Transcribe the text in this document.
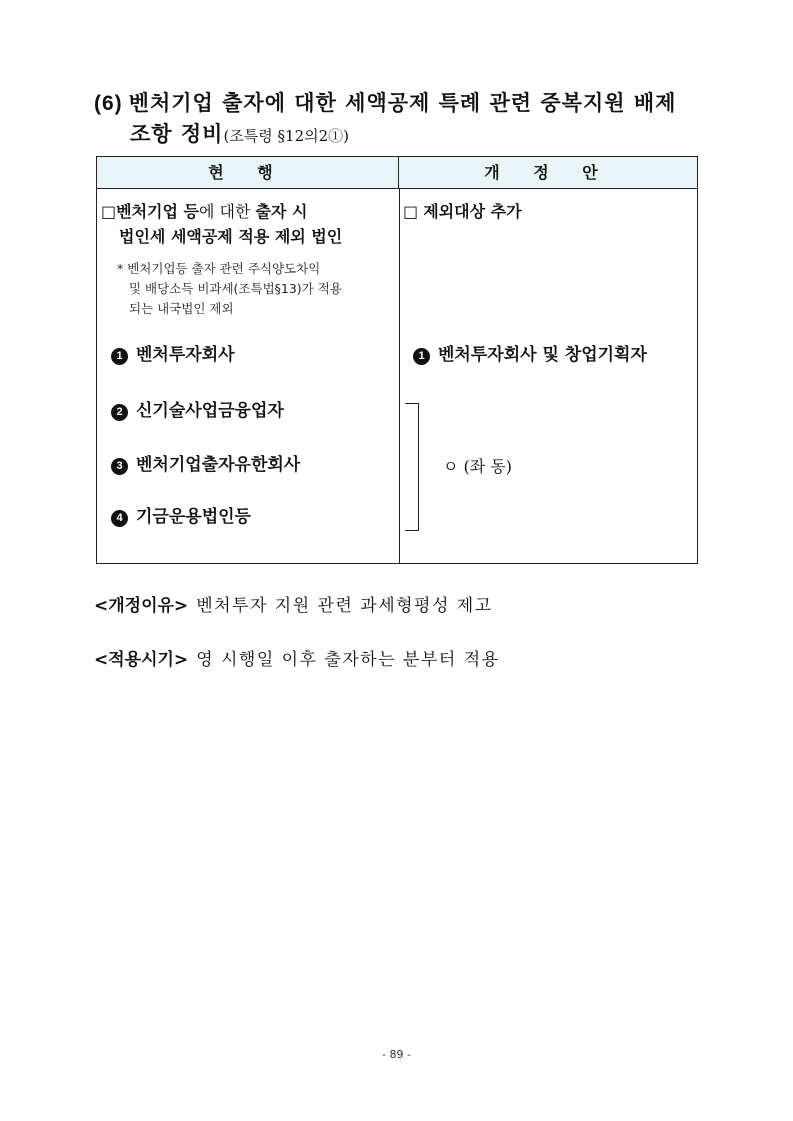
(6) 벤처기업 출자에 대한 세액공제 특례 관련 중복지원 배제
조항 정비(조특령 §12의2①)
현 행	개 정 안
□벤처기업 등에 대한 출자 시
법인세 세액공제 적용 제외 법인
* 벤처기업등 출자 관련 주식양도차익
및 배당소득 비과세(조특법§13)가 적용
되는 내국법인 제외
1 벤처투자회사
2 신기술사업금융업자
3 벤처기업출자유한회사
4 기금운용법인등
□ 제외대상 추가
1 벤처투자회사 및 창업기획자
ㅇ (좌 동)
<개정이유> 벤처투자 지원 관련 과세형평성 제고
<적용시기> 영 시행일 이후 출자하는 분부터 적용
- 89 -
